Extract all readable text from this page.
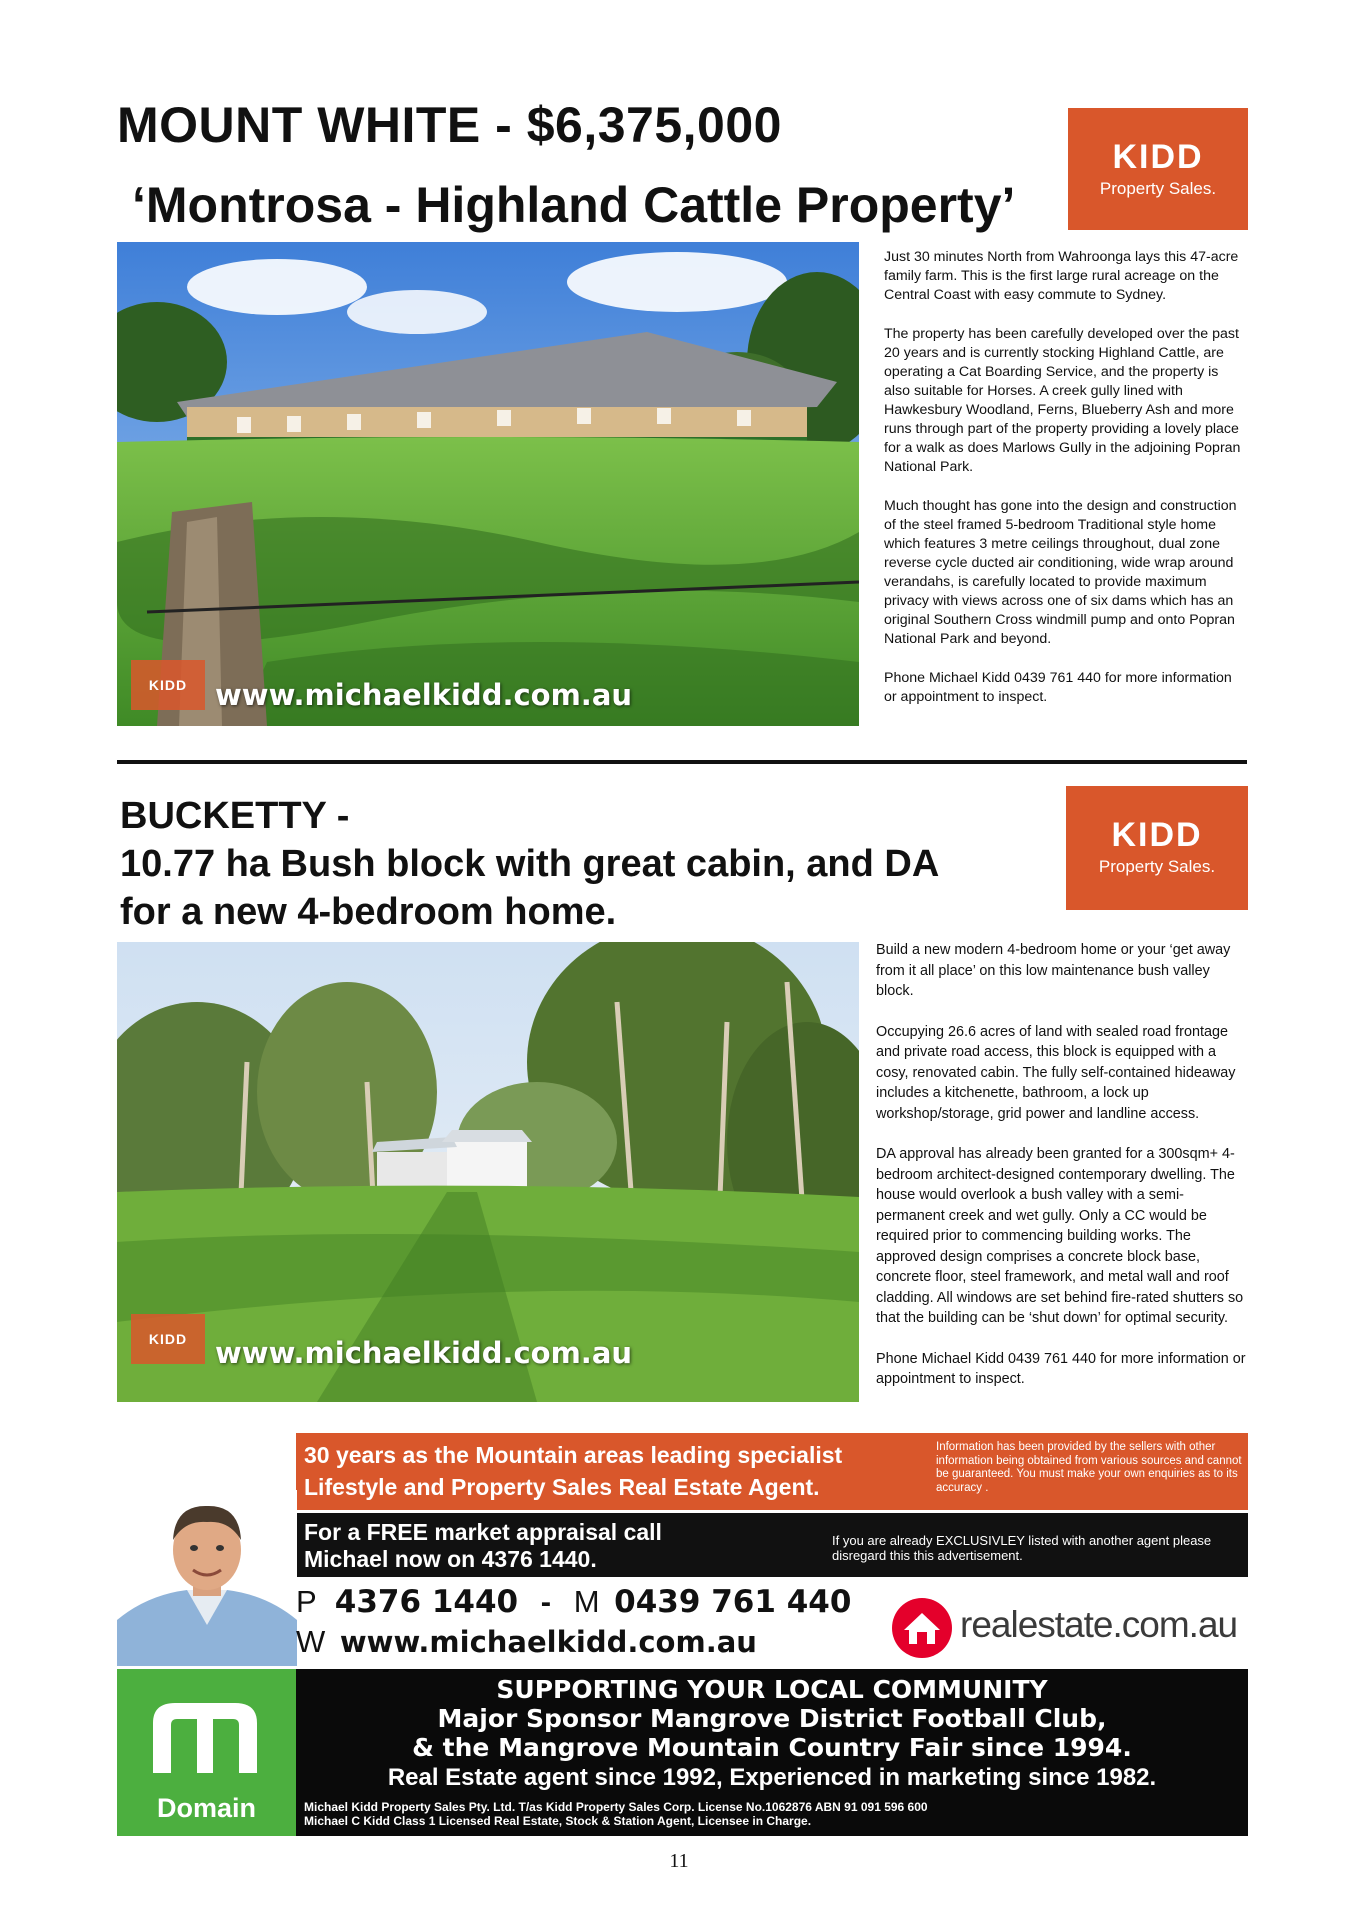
MOUNT WHITE - $6,375,000
‘Montrosa - Highland Cattle Property’
KIDD
Property Sales.
KIDD www.michaelkidd.com.au

Just 30 minutes North from Wahroonga lays this 47-acre family farm. This is the first large rural acreage on the Central Coast with easy commute to Sydney.

The property has been carefully developed over the past 20 years and is currently stocking Highland Cattle, are operating a Cat Boarding Service, and the property is also suitable for Horses. A creek gully lined with Hawkesbury Woodland, Ferns, Blueberry Ash and more runs through part of the property providing a lovely place for a walk as does Marlows Gully in the adjoining Popran National Park.

Much thought has gone into the design and construction of the steel framed 5-bedroom Traditional style home which features 3 metre ceilings throughout, dual zone reverse cycle ducted air conditioning, wide wrap around verandahs, is carefully located to provide maximum privacy with views across one of six dams which has an original Southern Cross windmill pump and onto Popran National Park and beyond.

Phone Michael Kidd 0439 761 440 for more information or appointment to inspect.

BUCKETTY -
10.77 ha Bush block with great cabin, and DA
for a new 4-bedroom home.
KIDD
Property Sales.
KIDD www.michaelkidd.com.au

Build a new modern 4-bedroom home or your ‘get away from it all place’ on this low maintenance bush valley block.

Occupying 26.6 acres of land with sealed road frontage and private road access, this block is equipped with a cosy, renovated cabin. The fully self-contained hideaway includes a kitchenette, bathroom, a lock up workshop/storage, grid power and landline access.

DA approval has already been granted for a 300sqm+ 4-bedroom architect-designed contemporary dwelling. The house would overlook a bush valley with a semi-permanent creek and wet gully. Only a CC would be required prior to commencing building works. The approved design comprises a concrete block base, concrete floor, steel framework, and metal wall and roof cladding. All windows are set behind fire-rated shutters so that the building can be ‘shut down’ for optimal security.

Phone Michael Kidd 0439 761 440 for more information or appointment to inspect.

30 years as the Mountain areas leading specialist
Lifestyle and Property Sales Real Estate Agent.
Information has been provided by the sellers with other information being obtained from various sources and cannot be guaranteed. You must make your own enquiries as to its accuracy .
For a FREE market appraisal call
Michael now on 4376 1440.
If you are already EXCLUSIVLEY listed with another agent please disregard this this advertisement.
P 4376 1440 - M 0439 761 440
W www.michaelkidd.com.au	realestate.com.au
Domain
SUPPORTING YOUR LOCAL COMMUNITY
Major Sponsor Mangrove District Football Club,
& the Mangrove Mountain Country Fair since 1994.
Real Estate agent since 1992, Experienced in marketing since 1982.
Michael Kidd Property Sales Pty. Ltd. T/as Kidd Property Sales Corp. License No.1062876 ABN 91 091 596 600
Michael C Kidd Class 1 Licensed Real Estate, Stock & Station Agent, Licensee in Charge.
11
